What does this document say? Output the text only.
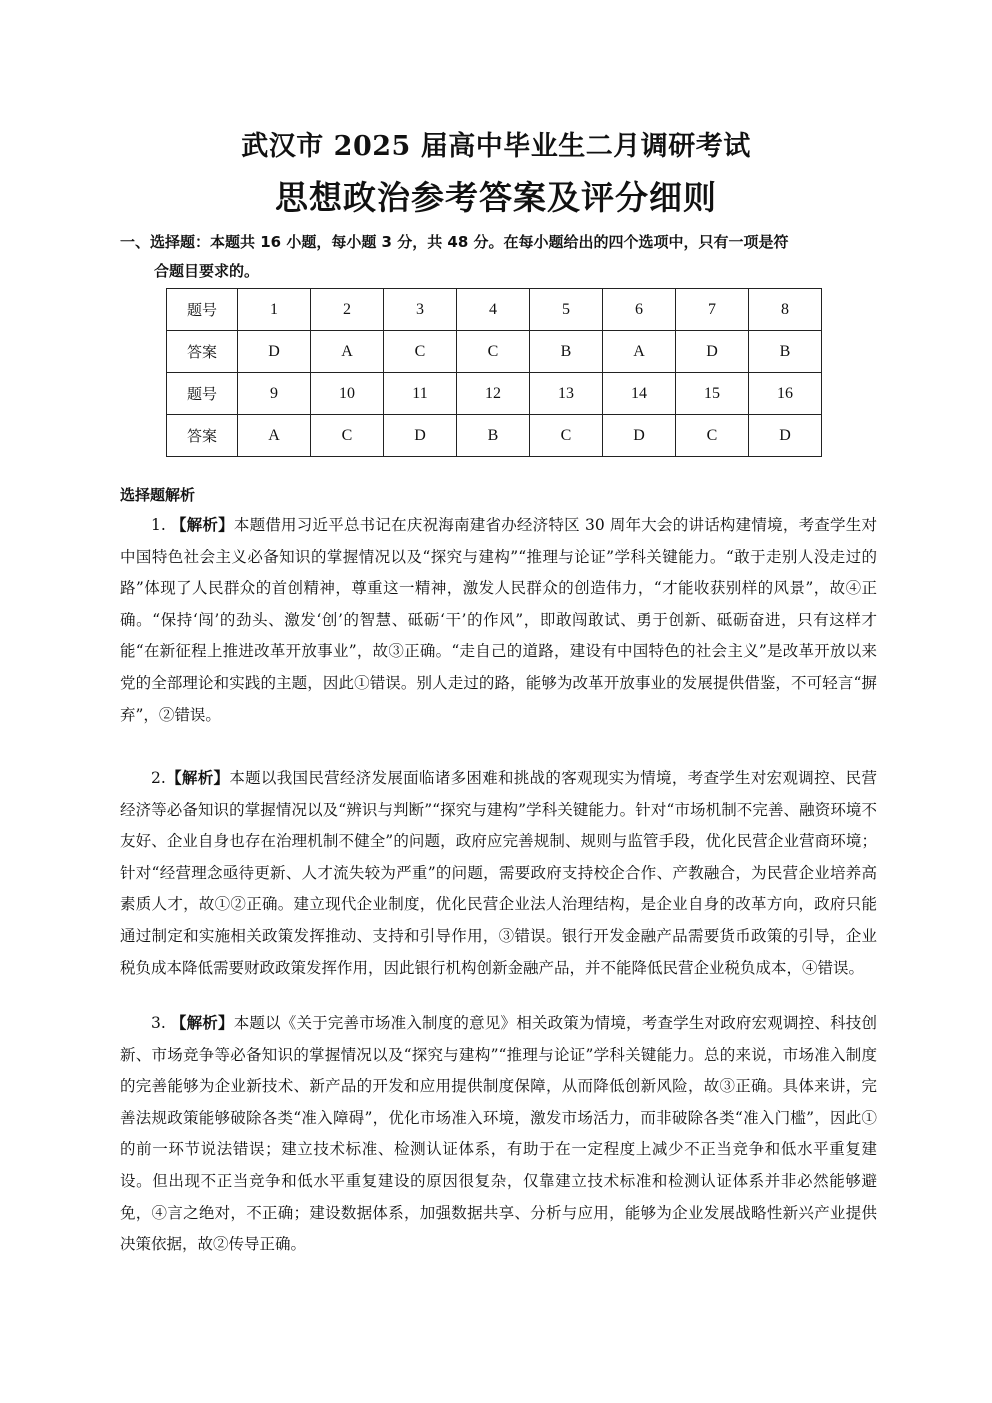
武汉市 2025 届高中毕业生二月调研考试
思想政治参考答案及评分细则
一、选择题：本题共 16 小题，每小题 3 分，共 48 分。在每小题给出的四个选项中，只有一项是符
合题目要求的。
题号	1	2	3	4	5	6	7	8
答案	D	A	C	C	B	A	D	B
题号	9	10	11	12	13	14	15	16
答案	A	C	D	B	C	D	C	D
选择题解析

1. 【解析】本题借用习近平总书记在庆祝海南建省办经济特区 30 周年大会的讲话构建情境，考查学生对中国特色社会主义必备知识的掌握情况以及“探究与建构”“推理与论证”学科关键能力。“敢于走别人没走过的路”体现了人民群众的首创精神，尊重这一精神，激发人民群众的创造伟力，“才能收获别样的风景”，故④正确。“保持‘闯’的劲头、激发‘创’的智慧、砥砺‘干’的作风”，即敢闯敢试、勇于创新、砥砺奋进，只有这样才能“在新征程上推进改革开放事业”，故③正确。“走自己的道路，建设有中国特色的社会主义”是改革开放以来党的全部理论和实践的主题，因此①错误。别人走过的路，能够为改革开放事业的发展提供借鉴，不可轻言“摒弃”，②错误。

2.【解析】本题以我国民营经济发展面临诸多困难和挑战的客观现实为情境，考查学生对宏观调控、民营经济等必备知识的掌握情况以及“辨识与判断”“探究与建构”学科关键能力。针对“市场机制不完善、融资环境不友好、企业自身也存在治理机制不健全”的问题，政府应完善规制、规则与监管手段，优化民营企业营商环境；针对“经营理念亟待更新、人才流失较为严重”的问题，需要政府支持校企合作、产教融合，为民营企业培养高素质人才，故①②正确。建立现代企业制度，优化民营企业法人治理结构，是企业自身的改革方向，政府只能通过制定和实施相关政策发挥推动、支持和引导作用，③错误。银行开发金融产品需要货币政策的引导，企业税负成本降低需要财政政策发挥作用，因此银行机构创新金融产品，并不能降低民营企业税负成本，④错误。

3. 【解析】本题以《关于完善市场准入制度的意见》相关政策为情境，考查学生对政府宏观调控、科技创新、市场竞争等必备知识的掌握情况以及“探究与建构”“推理与论证”学科关键能力。总的来说，市场准入制度的完善能够为企业新技术、新产品的开发和应用提供制度保障，从而降低创新风险，故③正确。具体来讲，完善法规政策能够破除各类“准入障碍”，优化市场准入环境，激发市场活力，而非破除各类“准入门槛”，因此①的前一环节说法错误；建立技术标准、检测认证体系，有助于在一定程度上减少不正当竞争和低水平重复建设。但出现不正当竞争和低水平重复建设的原因很复杂，仅靠建立技术标准和检测认证体系并非必然能够避免，④言之绝对，不正确；建设数据体系，加强数据共享、分析与应用，能够为企业发展战略性新兴产业提供决策依据，故②传导正确。
